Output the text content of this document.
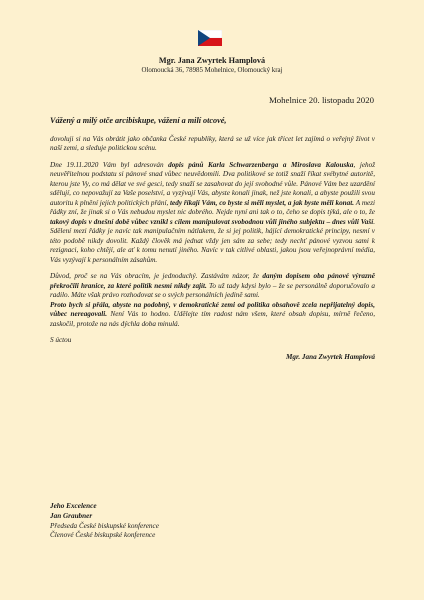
Mgr. Jana Zwyrtek Hamplová
Olomoucká 36, 78985 Mohelnice, Olomoucký kraj
Mohelnice 20. listopadu 2020

Vážený a milý otče arcibiskupe, vážení a milí otcové,

dovoluji si na Vás obrátit jako občanka České republiky, která se už více jak třicet let zajímá o veřejný život v naší zemi, a sleduje politickou scénu.

Dne 19.11.2020 Vám byl adresován dopis pánů Karla Schwarzenberga a Miroslava Kalouska, jehož neuvěřitelnou podstatu si pánové snad vůbec neuvědomili. Dva politikové se totiž snaží říkat svébytné autoritě, kterou jste Vy, co má dělat ve své gesci, tedy snaží se zasahovat do její svobodné vůle. Pánové Vám bez uzardění sdělují, co nepovažují za Vaše poselství, a vyzývají Vás, abyste konali jinak, než jste konali, a abyste použili svou autoritu k plnění jejich politických přání, tedy říkají Vám, co byste si měli myslet, a jak byste měli konat. A mezi řádky zní, že jinak si o Vás nebudou myslet nic dobrého. Nejde nyní ani tak o to, čeho se dopis týká, ale o to, že takový dopis v dnešní době vůbec vznikl s cílem manipulovat svobodnou vůli jiného subjektu – dnes vůli Vaší. Sdělení mezi řádky je navíc tak manipulačním nátlakem, že si jej politik, hájící demokratické principy, nesmí v této podobě nikdy dovolit. Každý člověk má jednat vždy jen sám za sebe; tedy nechť pánové vyzvou sami k rezignaci, koho chtějí, ale ať k tomu nenutí jiného. Navíc v tak citlivé oblasti, jakou jsou veřejnoprávní média, Vás vyzývají k personálním zásahům.

Důvod, proč se na Vás obracím, je jednoduchý. Zastávám názor, že daným dopisem oba pánové výrazně překročili hranice, za které politik nesmí nikdy zajít. To už tady kdysi bylo – že se personálně doporučovalo a radilo. Máte však právo rozhodovat se o svých personálních jedině sami.
Proto bych si přála, abyste na podobný, v demokratické zemi od politika obsahově zcela nepřijatelný dopis, vůbec nereagovali. Není Vás to hodno. Udělejte tím radost nám všem, které obsah dopisu, mírně řečeno, zaskočil, protože na nás dýchla doba minulá.

S úctou

Mgr. Jana Zwyrtek Hamplová

Jeho Excelence
Jan Graubner
Předseda České biskupské konference
Členové České biskupské konference
